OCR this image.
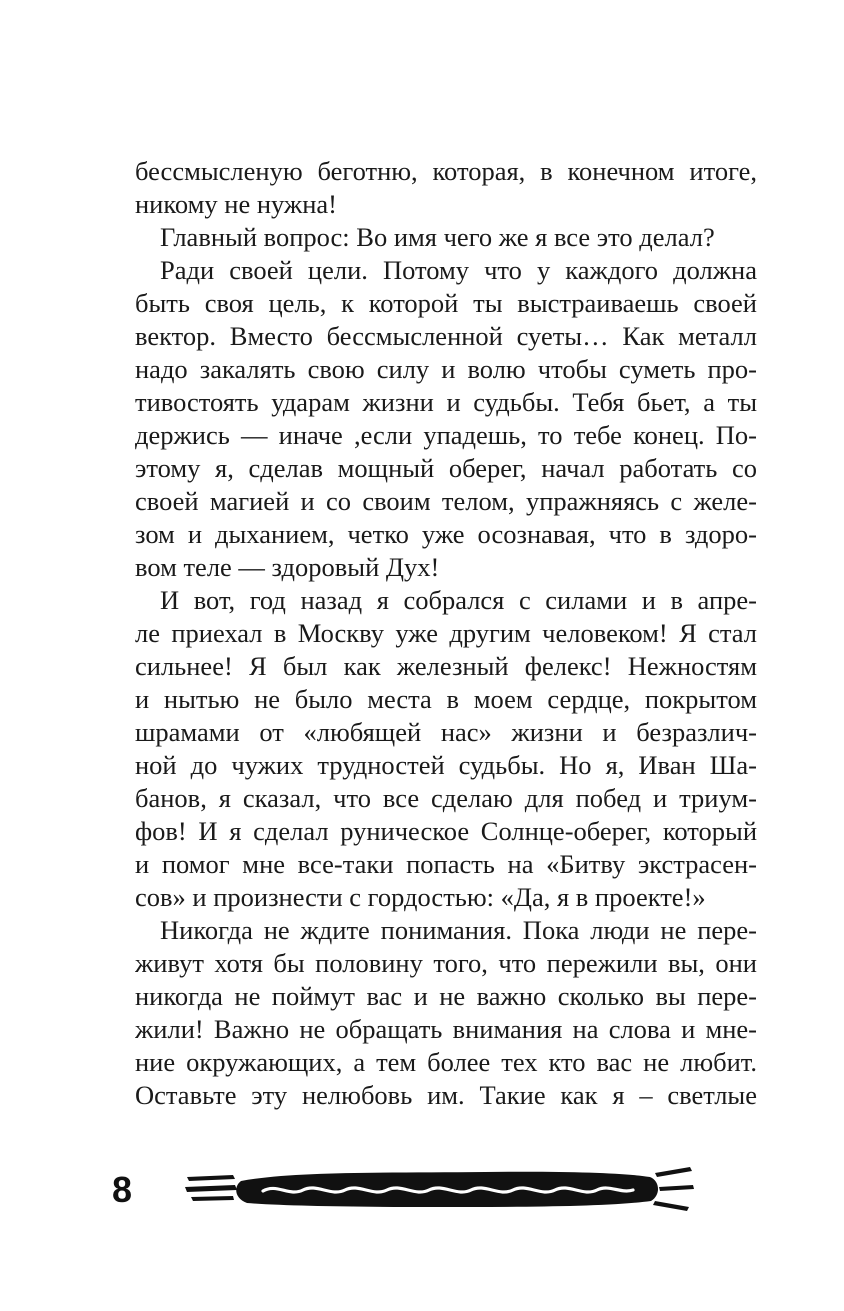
бессмысленую беготню, которая, в конечном итоге,
никому не нужна!
Главный вопрос: Во имя чего же я все это делал?
Ради своей цели. Потому что у каждого должна
быть своя цель, к которой ты выстраиваешь своей
вектор. Вместо бессмысленной суеты… Как металл
надо закалять свою силу и волю чтобы суметь про-
тивостоять ударам жизни и судьбы. Тебя бьет, а ты
держись — иначе ,если упадешь, то тебе конец. По-
этому я, сделав мощный оберег, начал работать со
своей магией и со своим телом, упражняясь с желе-
зом и дыханием, четко уже осознавая, что в здоро-
вом теле — здоровый Дух!
И вот, год назад я собрался с силами и в апре-
ле приехал в Москву уже другим человеком! Я стал
сильнее! Я был как железный фелекс! Нежностям
и нытью не было места в моем сердце, покрытом
шрамами от «любящей нас» жизни и безразлич-
ной до чужих трудностей судьбы. Но я, Иван Ша-
банов, я сказал, что все сделаю для побед и триум-
фов! И я сделал руническое Солнце-оберег, который
и помог мне все-таки попасть на «Битву экстрасен-
сов» и произнести с гордостью: «Да, я в проекте!»
Никогда не ждите понимания. Пока люди не пере-
живут хотя бы половину того, что пережили вы, они
никогда не поймут вас и не важно сколько вы пере-
жили! Важно не обращать внимания на слова и мне-
ние окружающих, а тем более тех кто вас не любит.
Оставьте эту нелюбовь им. Такие как я – светлые
8
